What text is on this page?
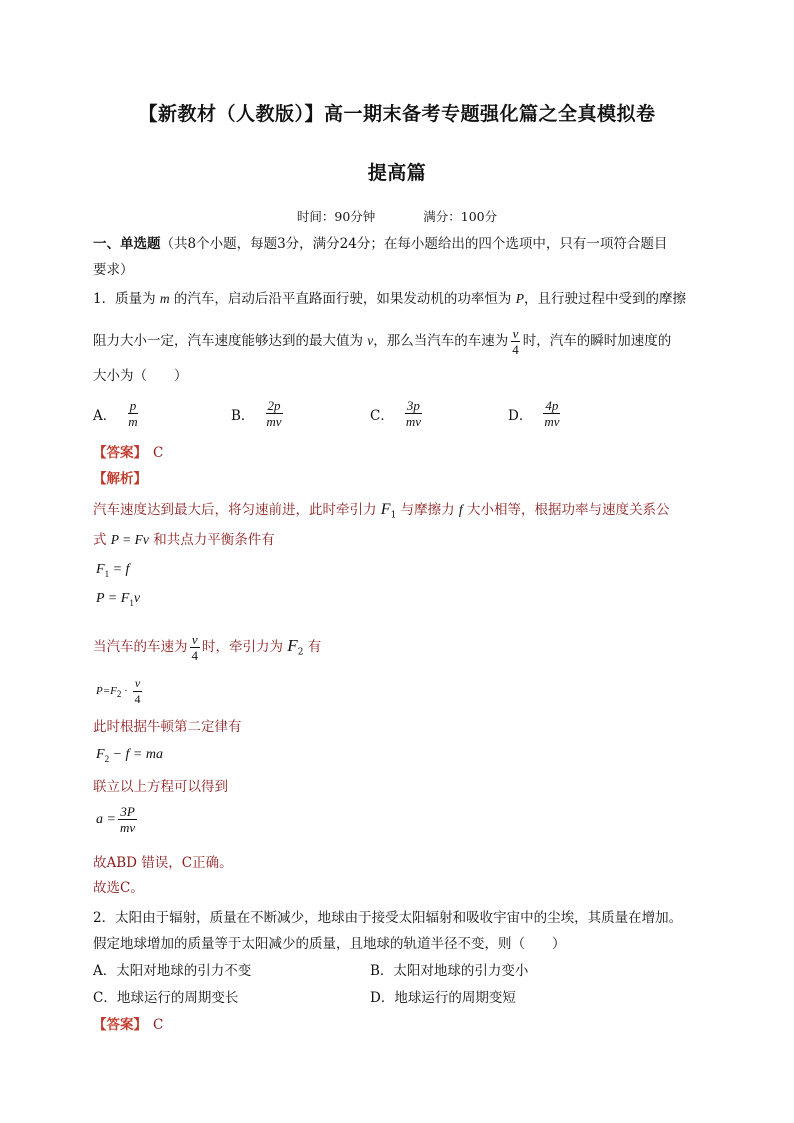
【新教材（人教版）】高一期末备考专题强化篇之全真模拟卷
提高篇
时间：90分钟	满分：100分
一、单选题（共8个小题，每题3分，满分24分；在每小题给出的四个选项中，只有一项符合题目
要求）
1．质量为 m 的汽车，启动后沿平直路面行驶，如果发动机的功率恒为 P，且行驶过程中受到的摩擦
阻力大小一定，汽车速度能够达到的最大值为 v，那么当汽车的车速为 $\frac{v}{4}$ 时，汽车的瞬时加速度的
大小为（　　）
A． $\frac{p}{m}$	B． $\frac{2p}{mv}$	C． $\frac{3p}{mv}$	D． $\frac{4p}{mv}$
【答案】 C
【解析】
汽车速度达到最大后，将匀速前进，此时牵引力 $F_1$ 与摩擦力 f 大小相等，根据功率与速度关系公
式 P = Fv 和共点力平衡条件有
$F_1 = f$
$P = F_1v$
当汽车的车速为 $\frac{v}{4}$ 时，牵引力为 $F_2$ 有
$P=F_2 \cdot \frac{v}{4}$
此时根据牛顿第二定律有
$F_2 - f$ = ma
联立以上方程可以得到
$a = \frac{3P}{mv}$
故ABD 错误，C正确。
故选C。
2．太阳由于辐射，质量在不断减少，地球由于接受太阳辐射和吸收宇宙中的尘埃，其质量在增加。
假定地球增加的质量等于太阳减少的质量，且地球的轨道半径不变，则（　　）
A．太阳对地球的引力不变	B．太阳对地球的引力变小
C．地球运行的周期变长	D．地球运行的周期变短
【答案】 C
